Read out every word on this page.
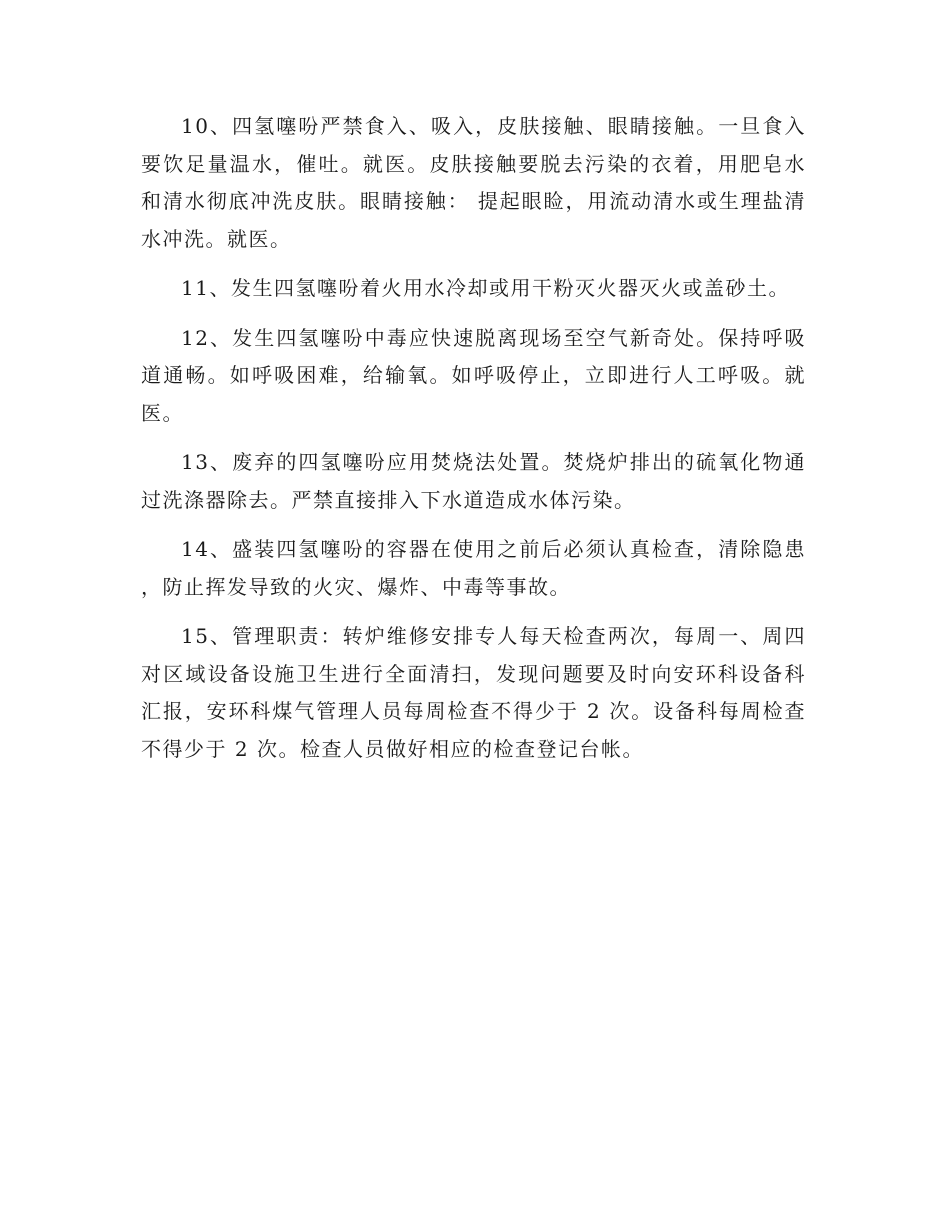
10、四氢噻吩严禁食入、吸入，皮肤接触、眼睛接触。一旦食入要饮足量温水，催吐。就医。皮肤接触要脱去污染的衣着，用肥皂水和清水彻底冲洗皮肤。眼睛接触： 提起眼睑，用流动清水或生理盐清水冲洗。就医。

11、发生四氢噻吩着火用水冷却或用干粉灭火器灭火或盖砂土。

12、发生四氢噻吩中毒应快速脱离现场至空气新奇处。保持呼吸道通畅。如呼吸困难，给输氧。如呼吸停止，立即进行人工呼吸。就医。

13、废弃的四氢噻吩应用焚烧法处置。焚烧炉排出的硫氧化物通过洗涤器除去。严禁直接排入下水道造成水体污染。

14、盛装四氢噻吩的容器在使用之前后必须认真检查，清除隐患，防止挥发导致的火灾、爆炸、中毒等事故。

15、管理职责：转炉维修安排专人每天检查两次，每周一、周四对区域设备设施卫生进行全面清扫，发现问题要及时向安环科设备科汇报，安环科煤气管理人员每周检查不得少于 2 次。设备科每周检查不得少于 2 次。检查人员做好相应的检查登记台帐。
